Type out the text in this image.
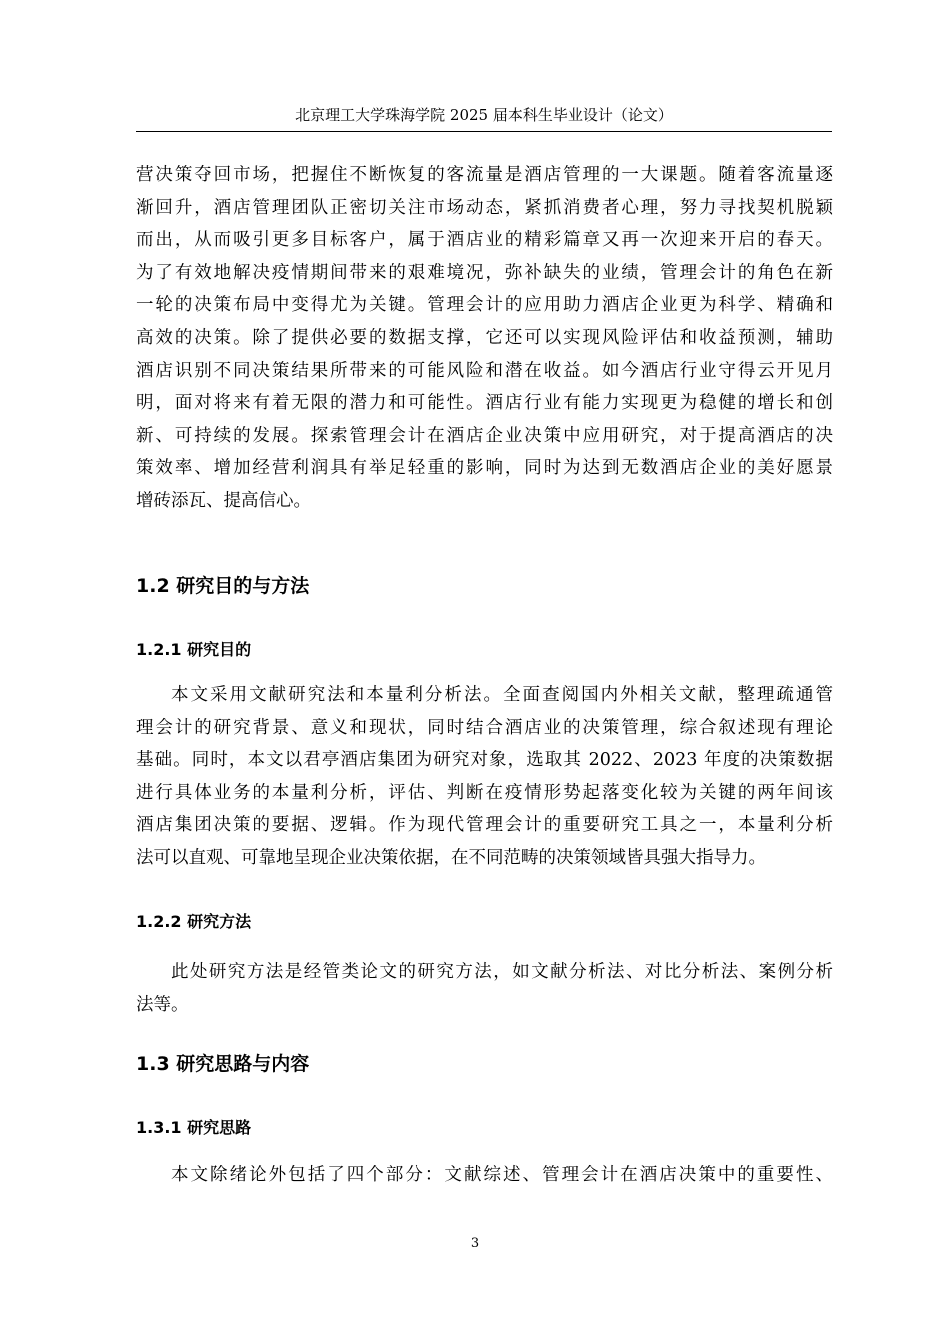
北京理工大学珠海学院 2025 届本科生毕业设计（论文）
营决策夺回市场，把握住不断恢复的客流量是酒店管理的一大课题。随着客流量逐
渐回升，酒店管理团队正密切关注市场动态，紧抓消费者心理，努力寻找契机脱颖
而出，从而吸引更多目标客户，属于酒店业的精彩篇章又再一次迎来开启的春天。
为了有效地解决疫情期间带来的艰难境况，弥补缺失的业绩，管理会计的角色在新
一轮的决策布局中变得尤为关键。管理会计的应用助力酒店企业更为科学、精确和
高效的决策。除了提供必要的数据支撑，它还可以实现风险评估和收益预测，辅助
酒店识别不同决策结果所带来的可能风险和潜在收益。如今酒店行业守得云开见月
明，面对将来有着无限的潜力和可能性。酒店行业有能力实现更为稳健的增长和创
新、可持续的发展。探索管理会计在酒店企业决策中应用研究，对于提高酒店的决
策效率、增加经营利润具有举足轻重的影响，同时为达到无数酒店企业的美好愿景
增砖添瓦、提高信心。
1.2 研究目的与方法
1.2.1 研究目的
本文采用文献研究法和本量利分析法。全面查阅国内外相关文献，整理疏通管
理会计的研究背景、意义和现状，同时结合酒店业的决策管理，综合叙述现有理论
基础。同时，本文以君亭酒店集团为研究对象，选取其 2022、2023 年度的决策数据
进行具体业务的本量利分析，评估、判断在疫情形势起落变化较为关键的两年间该
酒店集团决策的要据、逻辑。作为现代管理会计的重要研究工具之一，本量利分析
法可以直观、可靠地呈现企业决策依据，在不同范畴的决策领域皆具强大指导力。
1.2.2 研究方法
此处研究方法是经管类论文的研究方法，如文献分析法、对比分析法、案例分析
法等。
1.3 研究思路与内容
1.3.1 研究思路
本文除绪论外包括了四个部分：文献综述、管理会计在酒店决策中的重要性、
3
